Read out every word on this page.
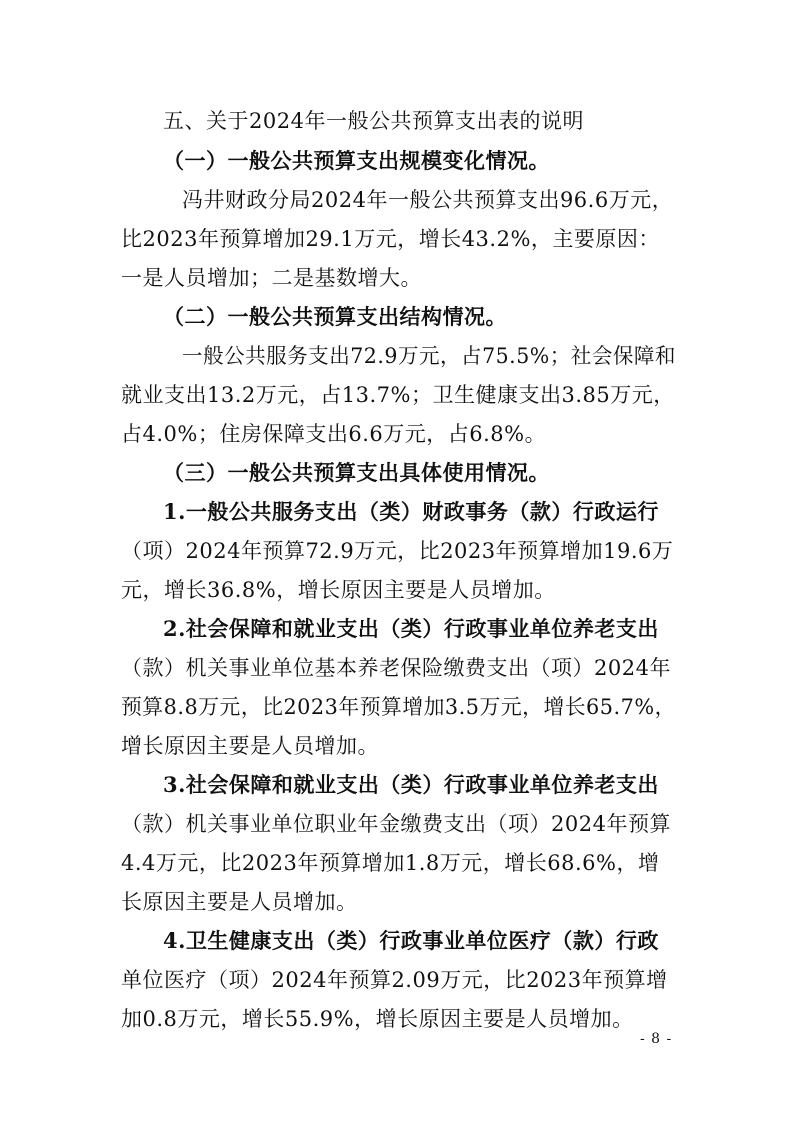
五、关于2024年一般公共预算支出表的说明
（一）一般公共预算支出规模变化情况。
冯井财政分局2024年一般公共预算支出96.6万元，
比2023年预算增加29.1万元，增长43.2%，主要原因：
一是人员增加；二是基数增大。
（二）一般公共预算支出结构情况。
一般公共服务支出72.9万元，占75.5%；社会保障和
就业支出13.2万元，占13.7%；卫生健康支出3.85万元，
占4.0%；住房保障支出6.6万元，占6.8%。
（三）一般公共预算支出具体使用情况。
1.一般公共服务支出（类）财政事务（款）行政运行
（项）2024年预算72.9万元，比2023年预算增加19.6万
元，增长36.8%，增长原因主要是人员增加。
2.社会保障和就业支出（类）行政事业单位养老支出
（款）机关事业单位基本养老保险缴费支出（项）2024年
预算8.8万元，比2023年预算增加3.5万元，增长65.7%，
增长原因主要是人员增加。
3.社会保障和就业支出（类）行政事业单位养老支出
（款）机关事业单位职业年金缴费支出（项）2024年预算
4.4万元，比2023年预算增加1.8万元，增长68.6%，增
长原因主要是人员增加。
4.卫生健康支出（类）行政事业单位医疗（款）行政
单位医疗（项）2024年预算2.09万元，比2023年预算增
加0.8万元，增长55.9%，增长原因主要是人员增加。
- 8 -
